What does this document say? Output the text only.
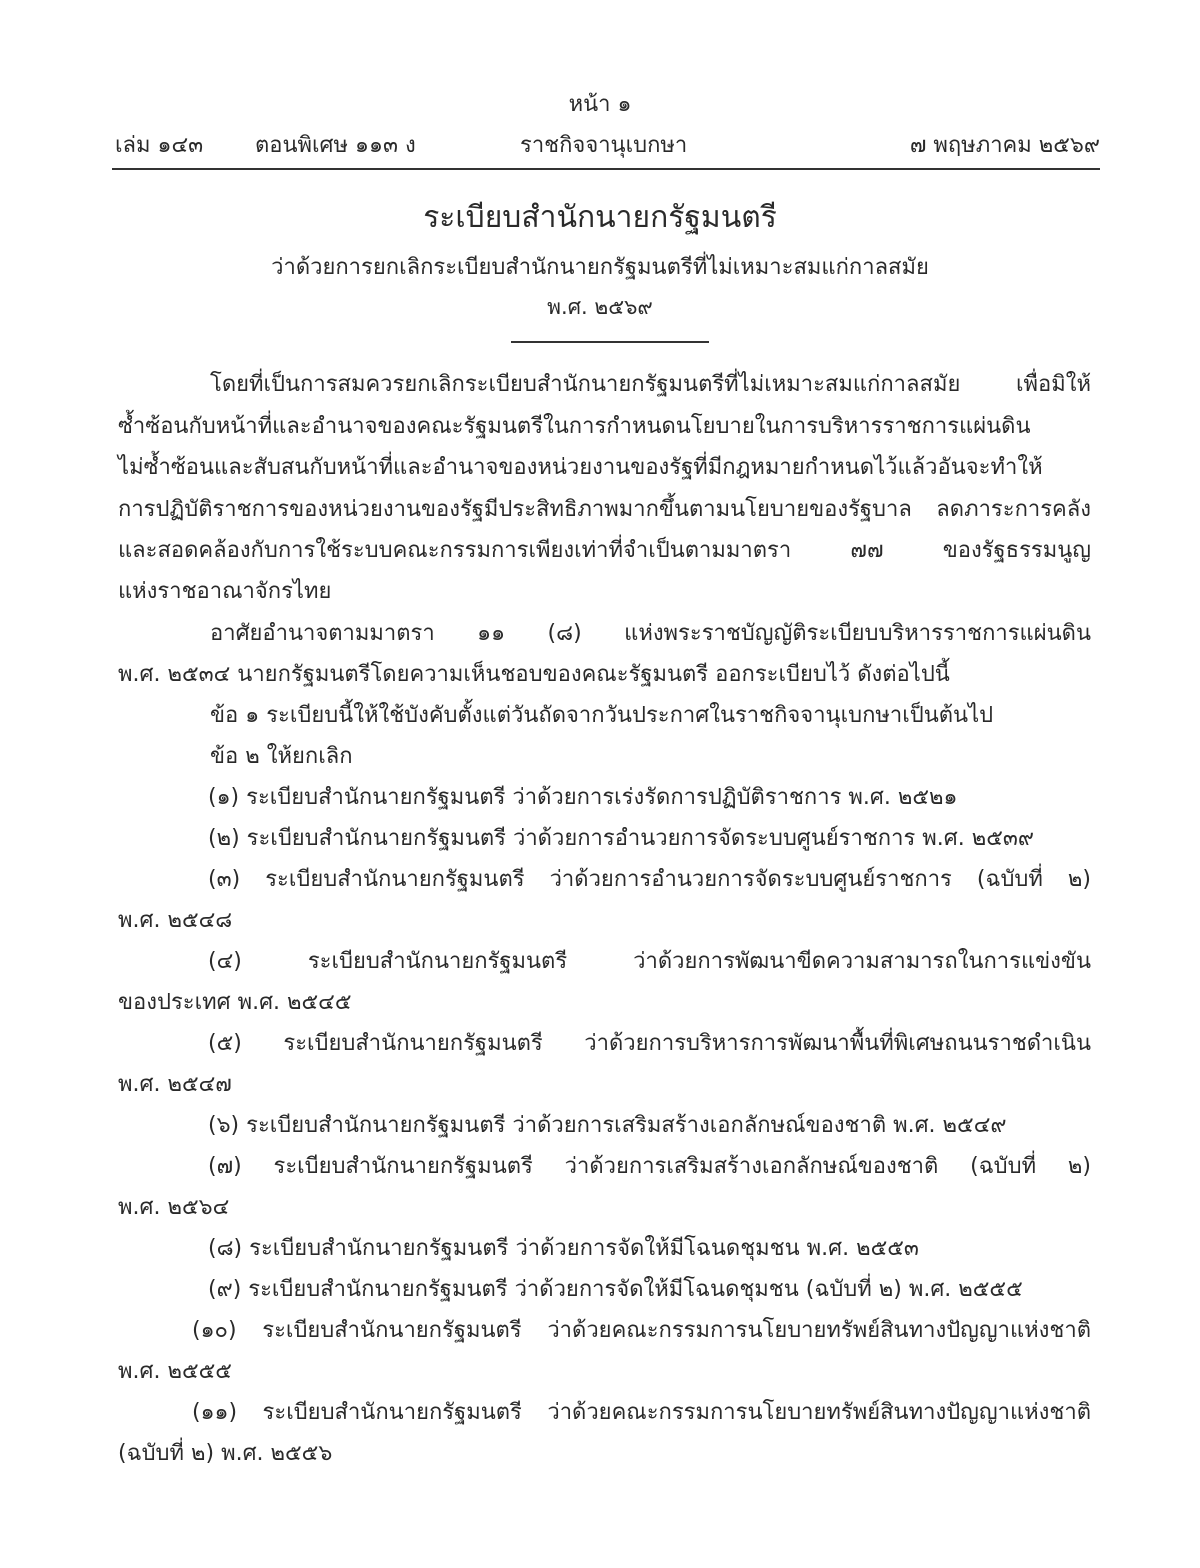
หน้า ๑
เล่ม ๑๔๓ ตอนพิเศษ ๑๑๓ ง	ราชกิจจานุเบกษา	๗ พฤษภาคม ๒๕๖๙
ระเบียบสำนักนายกรัฐมนตรี
ว่าด้วยการยกเลิกระเบียบสำนักนายกรัฐมนตรีที่ไม่เหมาะสมแก่กาลสมัย
พ.ศ. ๒๕๖๙
โดยที่เป็นการสมควรยกเลิกระเบียบสำนักนายกรัฐมนตรีที่ไม่เหมาะสมแก่กาลสมัย เพื่อมิให้
ซ้ำซ้อนกับหน้าที่และอำนาจของคณะรัฐมนตรีในการกำหนดนโยบายในการบริหารราชการแผ่นดิน
ไม่ซ้ำซ้อนและสับสนกับหน้าที่และอำนาจของหน่วยงานของรัฐที่มีกฎหมายกำหนดไว้แล้วอันจะทำให้
การปฏิบัติราชการของหน่วยงานของรัฐมีประสิทธิภาพมากขึ้นตามนโยบายของรัฐบาล ลดภาระการคลัง
และสอดคล้องกับการใช้ระบบคณะกรรมการเพียงเท่าที่จำเป็นตามมาตรา ๗๗ ของรัฐธรรมนูญ
แห่งราชอาณาจักรไทย
อาศัยอำนาจตามมาตรา ๑๑ (๘) แห่งพระราชบัญญัติระเบียบบริหารราชการแผ่นดิน
พ.ศ. ๒๕๓๔ นายกรัฐมนตรีโดยความเห็นชอบของคณะรัฐมนตรี ออกระเบียบไว้ ดังต่อไปนี้
ข้อ ๑ ระเบียบนี้ให้ใช้บังคับตั้งแต่วันถัดจากวันประกาศในราชกิจจานุเบกษาเป็นต้นไป
ข้อ ๒ ให้ยกเลิก
(๑) ระเบียบสำนักนายกรัฐมนตรี ว่าด้วยการเร่งรัดการปฏิบัติราชการ พ.ศ. ๒๕๒๑
(๒) ระเบียบสำนักนายกรัฐมนตรี ว่าด้วยการอำนวยการจัดระบบศูนย์ราชการ พ.ศ. ๒๕๓๙
(๓) ระเบียบสำนักนายกรัฐมนตรี ว่าด้วยการอำนวยการจัดระบบศูนย์ราชการ (ฉบับที่ ๒)
พ.ศ. ๒๕๔๘
(๔) ระเบียบสำนักนายกรัฐมนตรี ว่าด้วยการพัฒนาขีดความสามารถในการแข่งขัน
ของประเทศ พ.ศ. ๒๕๔๕
(๕) ระเบียบสำนักนายกรัฐมนตรี ว่าด้วยการบริหารการพัฒนาพื้นที่พิเศษถนนราชดำเนิน
พ.ศ. ๒๕๔๗
(๖) ระเบียบสำนักนายกรัฐมนตรี ว่าด้วยการเสริมสร้างเอกลักษณ์ของชาติ พ.ศ. ๒๕๔๙
(๗) ระเบียบสำนักนายกรัฐมนตรี ว่าด้วยการเสริมสร้างเอกลักษณ์ของชาติ (ฉบับที่ ๒)
พ.ศ. ๒๕๖๔
(๘) ระเบียบสำนักนายกรัฐมนตรี ว่าด้วยการจัดให้มีโฉนดชุมชน พ.ศ. ๒๕๕๓
(๙) ระเบียบสำนักนายกรัฐมนตรี ว่าด้วยการจัดให้มีโฉนดชุมชน (ฉบับที่ ๒) พ.ศ. ๒๕๕๕
(๑๐) ระเบียบสำนักนายกรัฐมนตรี ว่าด้วยคณะกรรมการนโยบายทรัพย์สินทางปัญญาแห่งชาติ
พ.ศ. ๒๕๕๕
(๑๑) ระเบียบสำนักนายกรัฐมนตรี ว่าด้วยคณะกรรมการนโยบายทรัพย์สินทางปัญญาแห่งชาติ
(ฉบับที่ ๒) พ.ศ. ๒๕๕๖
